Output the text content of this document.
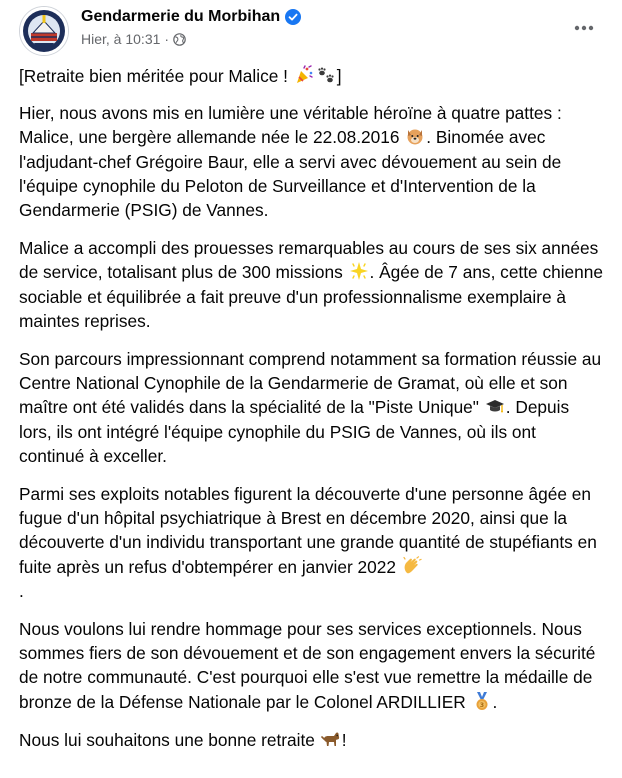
Gendarmerie du Morbihan
Hier, à 10:31 ·

[Retraite bien méritée pour Malice !	]

Hier, nous avons mis en lumière une véritable héroïne à quatre pattes : Malice, une bergère allemande née le 22.08.2016
. Binomée avec l'adjudant-chef Grégoire Baur, elle a servi avec dévouement au sein de l'équipe cynophile du Peloton de Surveillance et d'Intervention de la Gendarmerie (PSIG) de Vannes.

Malice a accompli des prouesses remarquables au cours de ses six années de service, totalisant plus de 300 missions
. Âgée de 7 ans, cette chienne sociable et équilibrée a fait preuve d'un professionnalisme exemplaire à maintes reprises.

Son parcours impressionnant comprend notamment sa formation réussie au Centre National Cynophile de la Gendarmerie de Gramat, où elle et son maître ont été validés dans la spécialité de la "Piste Unique"
. Depuis lors, ils ont intégré l'équipe cynophile du PSIG de Vannes, où ils ont continué à exceller.

Parmi ses exploits notables figurent la découverte d'une personne âgée en fugue d'un hôpital psychiatrique à Brest en décembre 2020, ainsi que la découverte d'un individu transportant une grande quantité de stupéfiants en fuite après un refus d'obtempérer en janvier 2022

.

Nous voulons lui rendre hommage pour ses services exceptionnels. Nous sommes fiers de son dévouement et de son engagement envers la sécurité de notre communauté. C'est pourquoi elle s'est vue remettre la médaille de bronze de la Défense Nationale par le Colonel ARDILLIER 3 .

Nous lui souhaitons une bonne retraite
!
